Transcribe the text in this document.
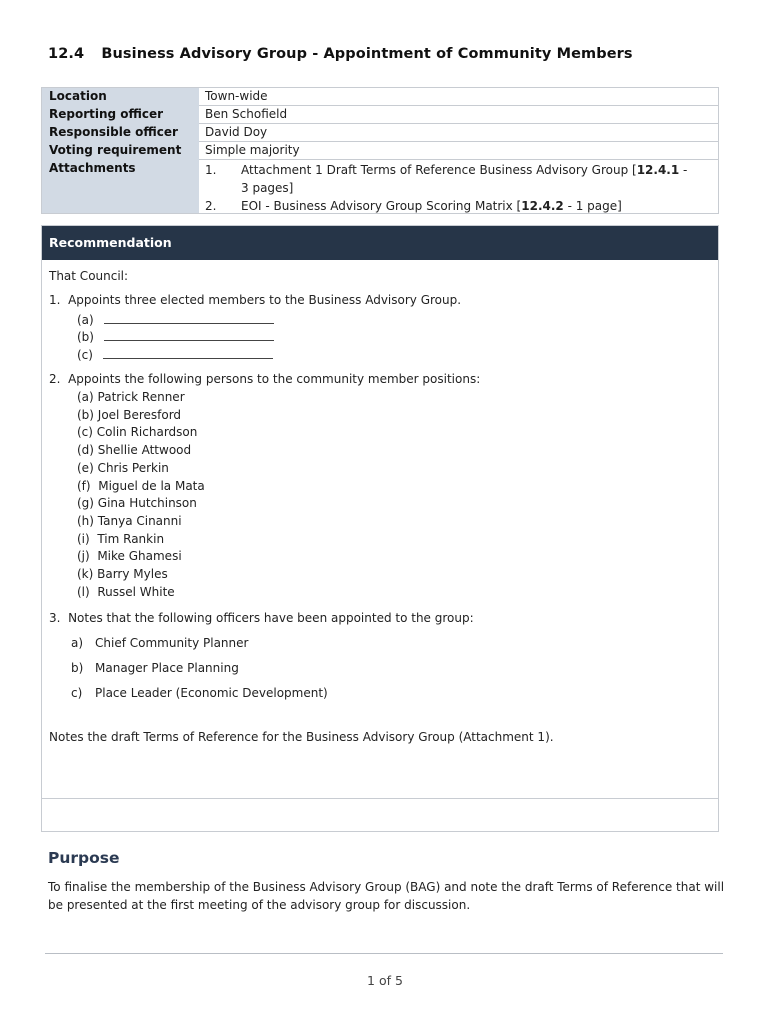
12.4 Business Advisory Group - Appointment of Community Members
Location	Town-wide
Reporting officer	Ben Schofield
Responsible officer David Doy
Voting requirement Simple majority
Attachments	1. Attachment 1 Draft Terms of Reference Business Advisory Group [12.4.1 -
3 pages]
2. EOI - Business Advisory Group Scoring Matrix [12.4.2 - 1 page]
Recommendation
That Council:
1.  Appoints three elected members to the Business Advisory Group.
(a)
(b)
(c)
2.  Appoints the following persons to the community member positions:
(a) Patrick Renner
(b) Joel Beresford
(c) Colin Richardson
(d) Shellie Attwood
(e) Chris Perkin
(f)  Miguel de la Mata
(g) Gina Hutchinson
(h) Tanya Cinanni
(i)  Tim Rankin
(j)  Mike Ghamesi
(k) Barry Myles
(l)  Russel White
3.  Notes that the following officers have been appointed to the group:
a) Chief Community Planner
b) Manager Place Planning
c) Place Leader (Economic Development)
Notes the draft Terms of Reference for the Business Advisory Group (Attachment 1).
Purpose
To finalise the membership of the Business Advisory Group (BAG) and note the draft Terms of Reference that will be presented at the first meeting of the advisory group for discussion.
1 of 5
